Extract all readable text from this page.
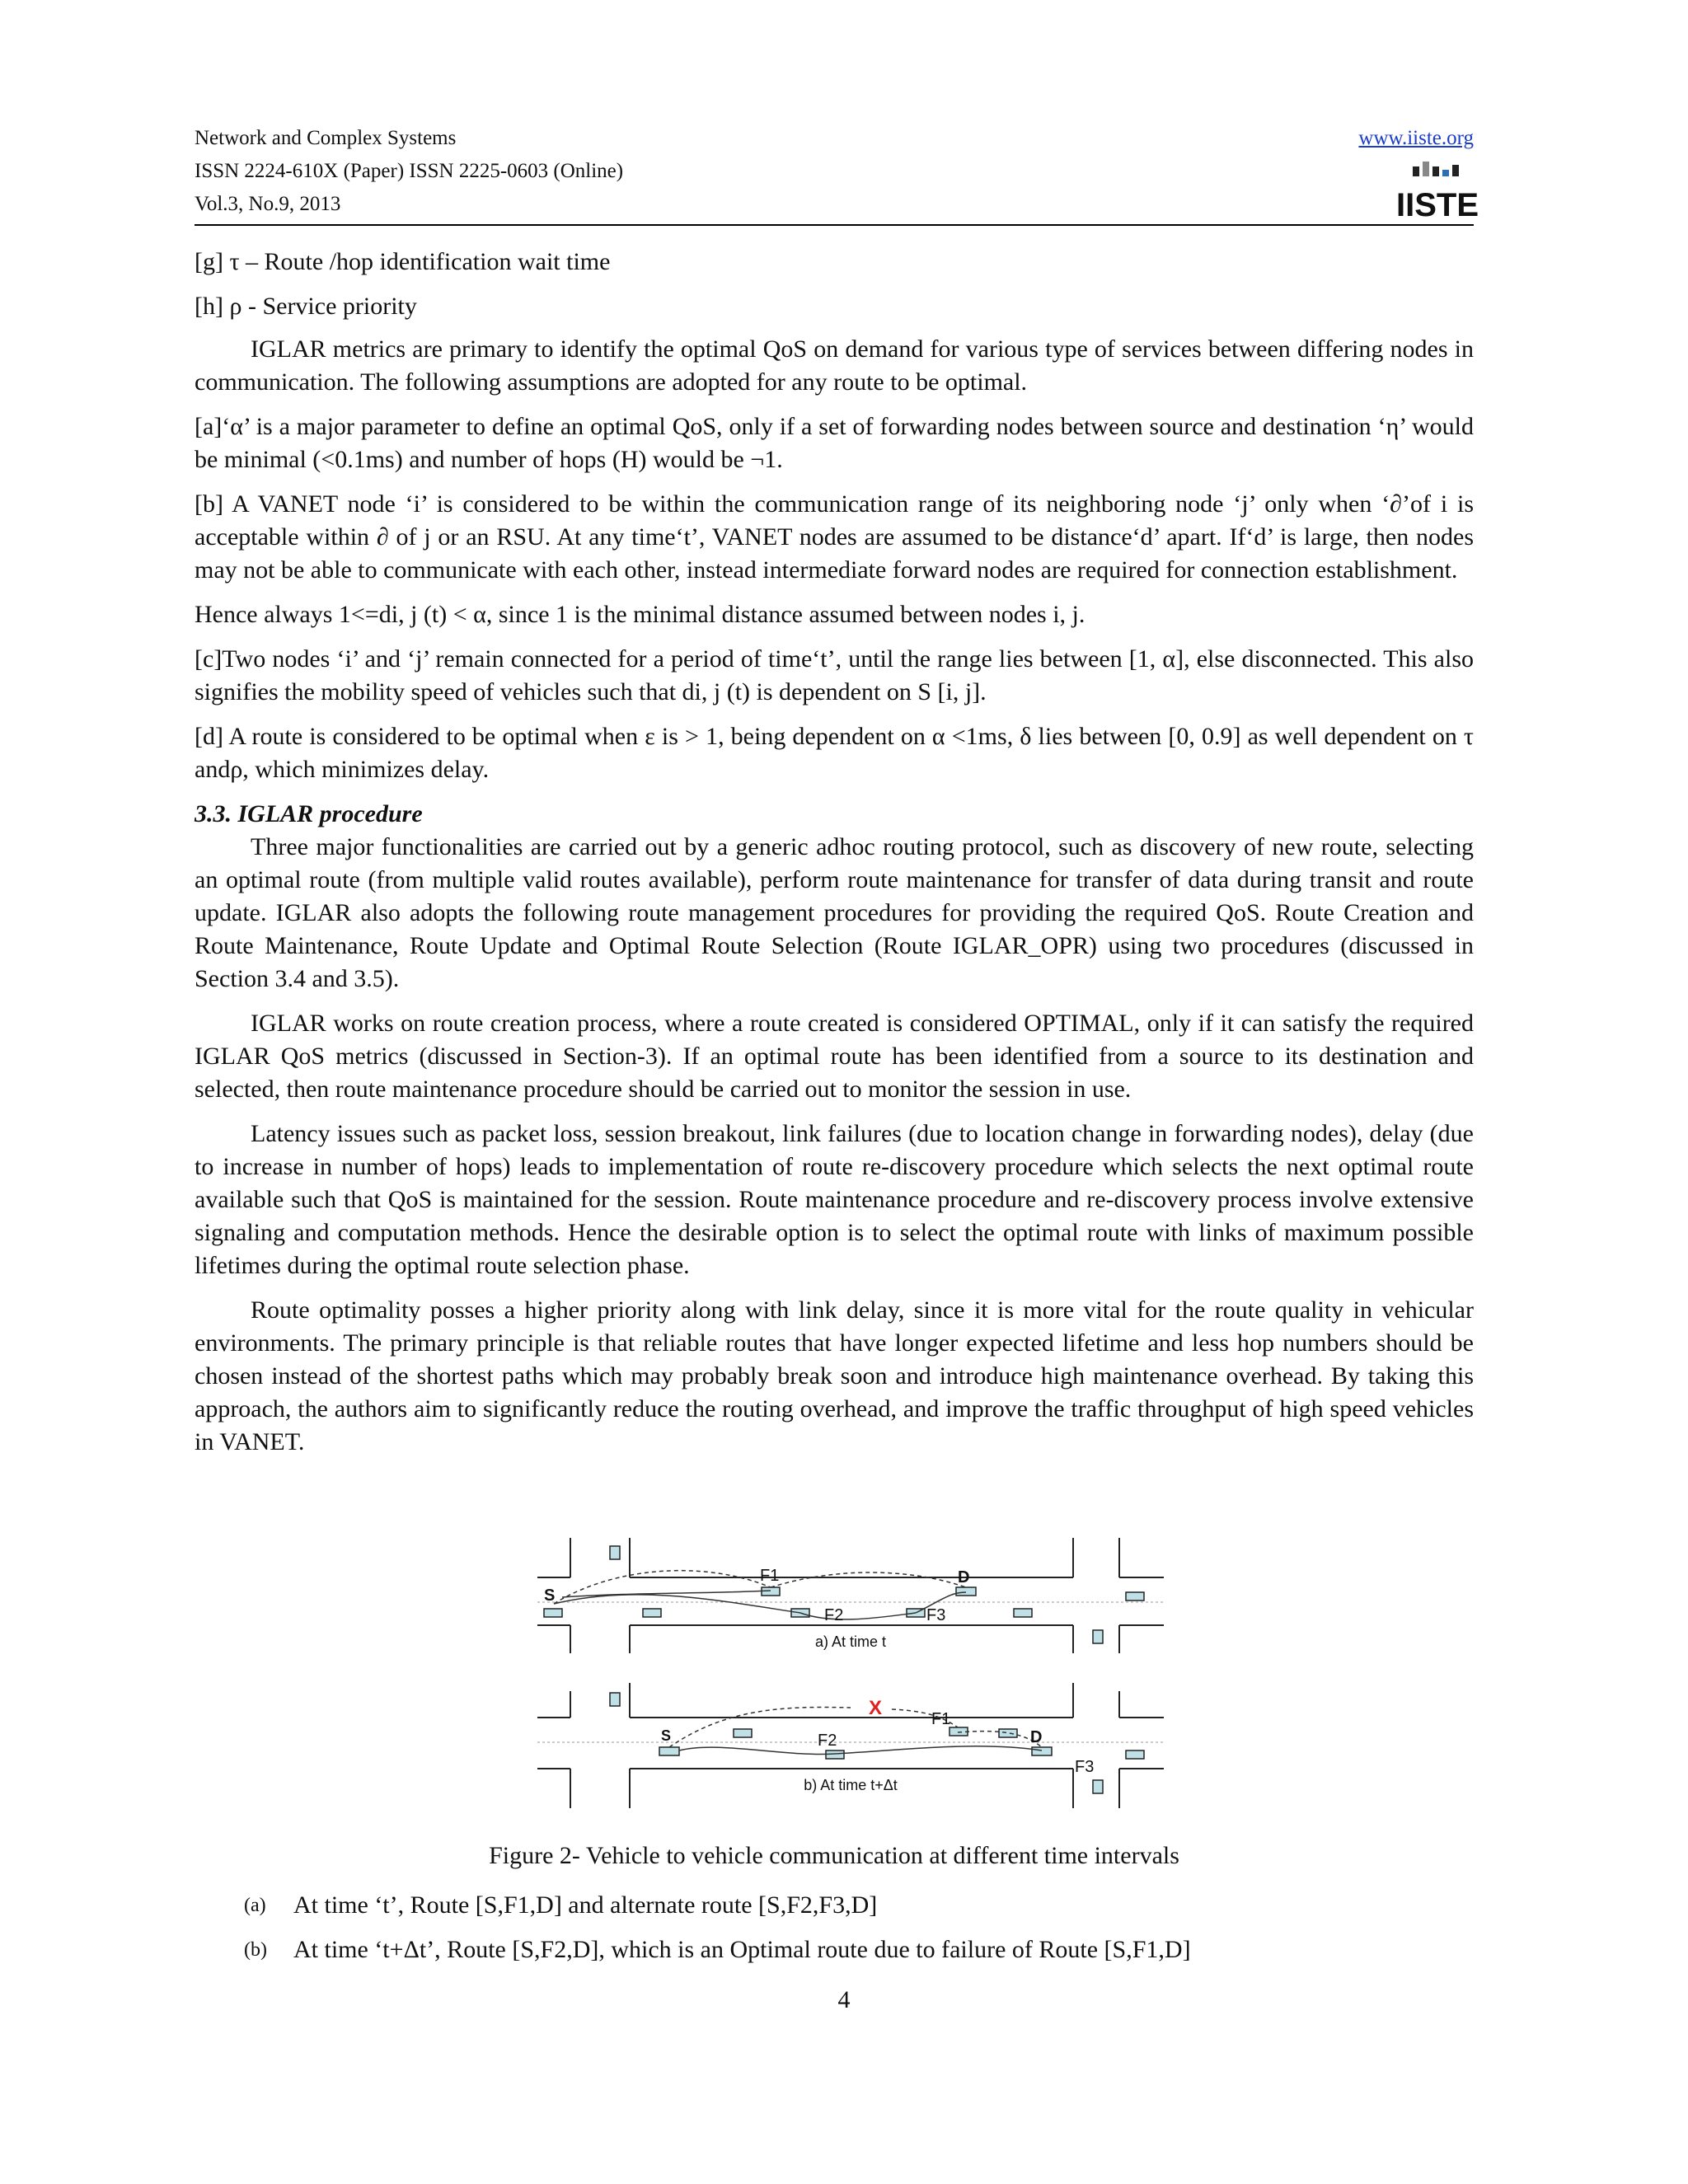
Network and Complex Systems
ISSN 2224-610X (Paper) ISSN 2225-0603 (Online)
Vol.3, No.9, 2013
www.iiste.org
IISTE

[g] τ – Route /hop identification wait time

[h] ρ - Service priority

IGLAR metrics are primary to identify the optimal QoS on demand for various type of services between differing nodes in communication. The following assumptions are adopted for any route to be optimal.

[a]‘α’ is a major parameter to define an optimal QoS, only if a set of forwarding nodes between source and destination ‘η’ would be minimal (<0.1ms) and number of hops (H) would be ¬1.

[b] A VANET node ‘i’ is considered to be within the communication range of its neighboring node ‘j’ only when ‘∂’of i is acceptable within ∂ of j or an RSU. At any time‘t’, VANET nodes are assumed to be distance‘d’ apart. If‘d’ is large, then nodes may not be able to communicate with each other, instead intermediate forward nodes are required for connection establishment.

Hence always 1<=di, j (t) < α, since 1 is the minimal distance assumed between nodes i, j.

[c]Two nodes ‘i’ and ‘j’ remain connected for a period of time‘t’, until the range lies between [1, α], else disconnected. This also signifies the mobility speed of vehicles such that di, j (t) is dependent on S [i, j].

[d] A route is considered to be optimal when ε is > 1, being dependent on α <1ms, δ lies between [0, 0.9] as well dependent on τ andρ, which minimizes delay.

3.3. IGLAR procedure

Three major functionalities are carried out by a generic adhoc routing protocol, such as discovery of new route, selecting an optimal route (from multiple valid routes available), perform route maintenance for transfer of data during transit and route update. IGLAR also adopts the following route management procedures for providing the required QoS. Route Creation and Route Maintenance, Route Update and Optimal Route Selection (Route IGLAR_OPR) using two procedures (discussed in Section 3.4 and 3.5).

IGLAR works on route creation process, where a route created is considered OPTIMAL, only if it can satisfy the required IGLAR QoS metrics (discussed in Section-3). If an optimal route has been identified from a source to its destination and selected, then route maintenance procedure should be carried out to monitor the session in use.

Latency issues such as packet loss, session breakout, link failures (due to location change in forwarding nodes), delay (due to increase in number of hops) leads to implementation of route re-discovery procedure which selects the next optimal route available such that QoS is maintained for the session. Route maintenance procedure and re-discovery process involve extensive signaling and computation methods. Hence the desirable option is to select the optimal route with links of maximum possible lifetimes during the optimal route selection phase.

Route optimality posses a higher priority along with link delay, since it is more vital for the route quality in vehicular environments. The primary principle is that reliable routes that have longer expected lifetime and less hop numbers should be chosen instead of the shortest paths which may probably break soon and introduce high maintenance overhead. By taking this approach, the authors aim to significantly reduce the routing overhead, and improve the traffic throughput of high speed vehicles in VANET.

S
D
F1
F2	F3
a) At time t
X
S	D
F1
F2
F3
b) At time t+Δt
Figure 2- Vehicle to vehicle communication at different time intervals
(a)	At time ‘t’, Route [S,F1,D] and alternate route [S,F2,F3,D]
(b)	At time ‘t+Δt’, Route [S,F2,D], which is an Optimal route due to failure of Route [S,F1,D]
4
